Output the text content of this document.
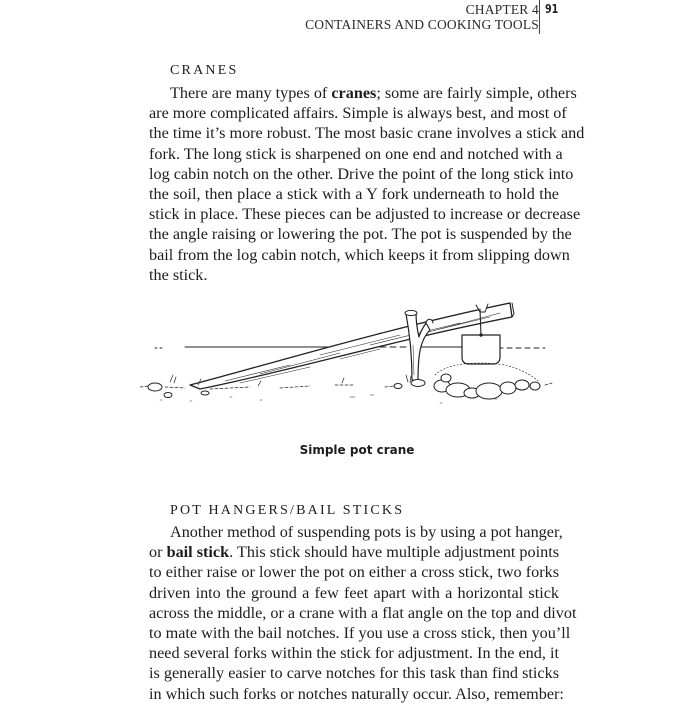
CHAPTER 4
CONTAINERS AND COOKING TOOLS
91
CRANES
There are many types of cranes; some are fairly simple, others
are more complicated affairs. Simple is always best, and most of
the time it’s more robust. The most basic crane involves a stick and
fork. The long stick is sharpened on one end and notched with a
log cabin notch on the other. Drive the point of the long stick into
the soil, then place a stick with a Y fork underneath to hold the
stick in place. These pieces can be adjusted to increase or decrease
the angle raising or lowering the pot. The pot is suspended by the
bail from the log cabin notch, which keeps it from slipping down
the stick.
Simple pot crane
POT HANGERS/BAIL STICKS
Another method of suspending pots is by using a pot hanger,
or bail stick. This stick should have multiple adjustment points
to either raise or lower the pot on either a cross stick, two forks
driven into the ground a few feet apart with a horizontal stick
across the middle, or a crane with a flat angle on the top and divot
to mate with the bail notches. If you use a cross stick, then you’ll
need several forks within the stick for adjustment. In the end, it
is generally easier to carve notches for this task than find sticks
in which such forks or notches naturally occur. Also, remember:
